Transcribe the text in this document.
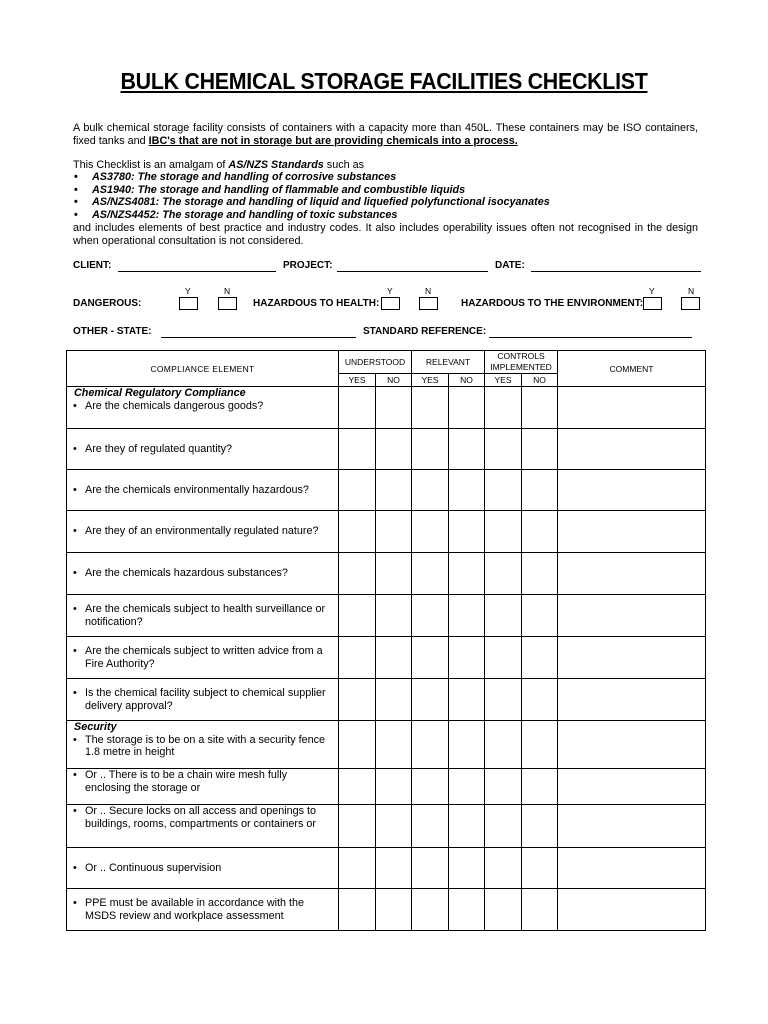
BULK CHEMICAL STORAGE FACILITIES CHECKLIST
A bulk chemical storage facility consists of containers with a capacity more than 450L. These containers may be ISO containers, fixed tanks and IBC's that are not in storage but are providing chemicals into a process.
This Checklist is an amalgam of AS/NZS Standards such as
• AS3780: The storage and handling of corrosive substances
• AS1940: The storage and handling of flammable and combustible liquids
• AS/NZS4081: The storage and handling of liquid and liquefied polyfunctional isocyanates
• AS/NZS4452: The storage and handling of toxic substances
and includes elements of best practice and industry codes. It also includes operability issues often not recognised in the design when operational consultation is not considered.
CLIENT:	PROJECT:	DATE:
Y	N	Y	N	Y	N
DANGEROUS:	HAZARDOUS TO HEALTH:	HAZARDOUS TO THE ENVIRONMENT:
OTHER - STATE:	STANDARD REFERENCE:
COMPLIANCE ELEMENT	UNDERSTOOD		RELEVANT		CONTROLS IMPLEMENTED		COMMENT
	YES	NO	YES	NO	YES	NO	

Chemical Regulatory Compliance
• Are the chemicals dangerous goods?

• Are they of regulated quantity?

• Are the chemicals environmentally hazardous?

• Are they of an environmentally regulated nature?

• Are the chemicals hazardous substances?

• Are the chemicals subject to health surveillance or notification?

• Are the chemicals subject to written advice from a Fire Authority?

• Is the chemical facility subject to chemical supplier delivery approval?

Security
• The storage is to be on a site with a security fence 1.8 metre in height

• Or .. There is to be a chain wire mesh fully enclosing the storage or

• Or .. Secure locks on all access and openings to buildings, rooms, compartments or containers or

• Or .. Continuous supervision

• PPE must be available in accordance with the MSDS review and workplace assessment
